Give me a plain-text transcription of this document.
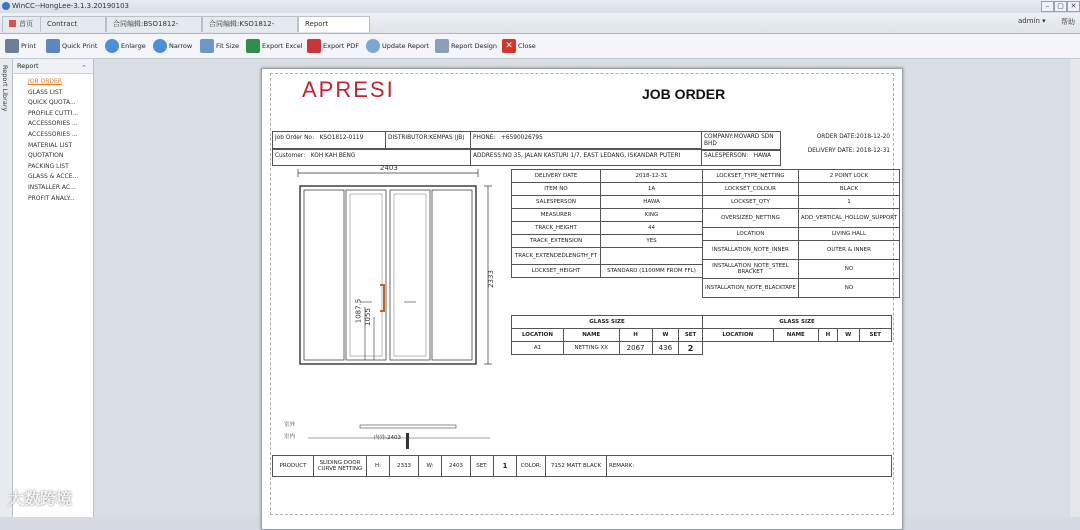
WinCC--HongLee-3.1.3.20190103	–	▢ ✕
首页	Contract	合同编辑:BSO1812-	合同编辑:KSO1812-	Report	admin ▾ 帮助
Print	Quick Print	Enlarge	Narrow	Fit Size	Export Excel	Export PDF	Update Report	Report Design ✕ Close
Report Library	Report	⌃
JOB ORDER
GLASS LIST
QUICK QUOTA...
PROFILE CUTTI...
ACCESSORIES ...
ACCESSORIES ...
MATERIAL LIST
QUOTATION
PACKING LIST
GLASS & ACCE...
INSTALLER AC...
PROFIT ANALY...
APRESI	JOB ORDER
Job Order No： KSO1812-0119	DISTRIBUTOR:KEMPAS (JB)	PHONE： +6590026795	COMPANY:MOVARD SDN BHD
ORDER DATE:2018-12-20
Customer： KOH KAH BENG	ADDRESS:NO 35, JALAN KASTURI 1/7, EAST LEDANG, ISKANDAR PUTERI	SALESPERSON： HAWA
DELIVERY DATE: 2018-12-31
2403
2333
1087.5 1055
室外
室内	内外-2403
DELIVERY DATE	2018-12-31
ITEM NO	1A
SALESPERSON	HAWA
MEASURER	KING
TRACK_HEIGHT	44
TRACK_EXTENSION	YES
TRACK_EXTENDEDLENGTH_FT	
LOCKSET_HEIGHT	STANDARD (1100MM FROM FFL)
LOCKSET_TYPE_NETTING	2 POINT LOCK
LOCKSET_COLOUR	BLACK
LOCKSET_QTY	1
OVERSIZED_NETTING	ADD_VERTICAL_HOLLOW_SUPPORT
LOCATION	LIVING HALL
INSTALLATION_NOTE_INNER	OUTER & INNER
INSTALLATION_NOTE_STEEL BRACKET	NO
INSTALLATION_NOTE_BLACKTAPE	NO
GLASS SIZE				
LOCATION	NAME	H	W	SET
A1	NETTING XX	2067	436	2
GLASS SIZE
LOCATION	NAME	H	W	SET
PRODUCT	SLIDING DOOR CURVE NETTING	H:	2333	W:	2403	SET:	1	COLOR:	7152 MATT BLACK	REMARK:
大数跨境
